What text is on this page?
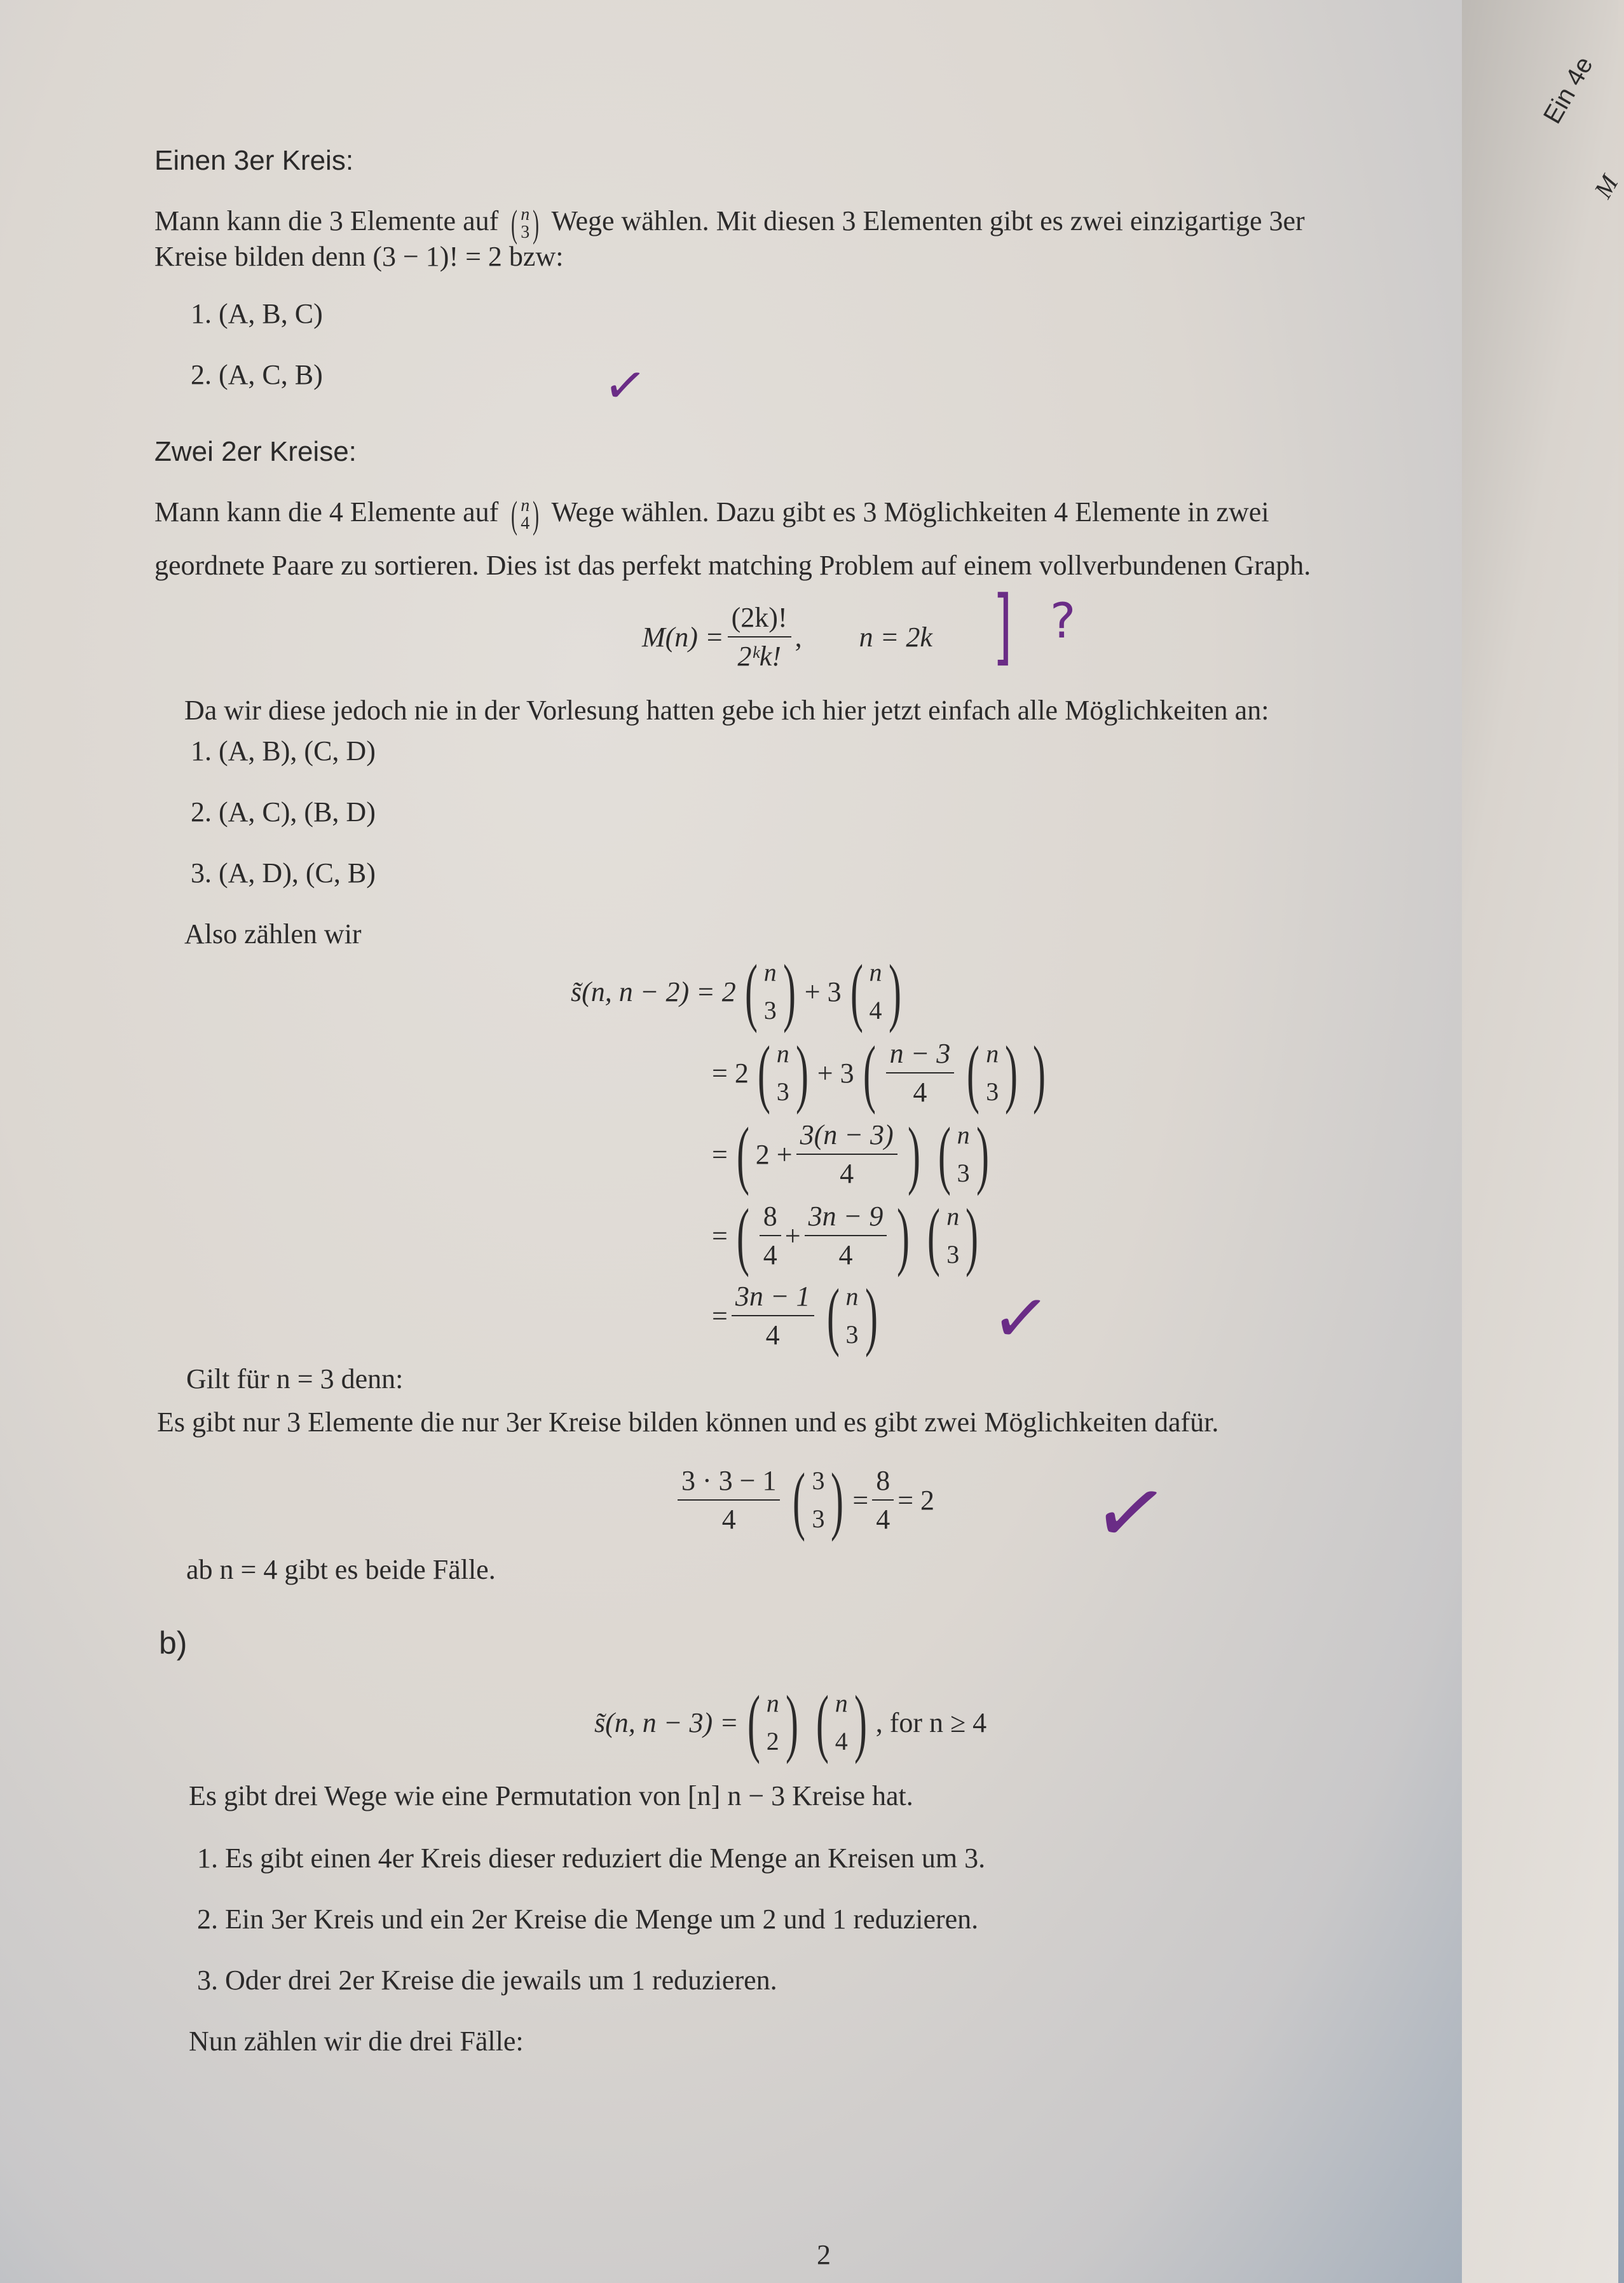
Einen 3er Kreis:
Mann kann die 3 Elemente auf ( n
3 ) Wege wählen. Mit diesen 3 Elementen gibt es zwei einzigartige 3er
Kreise bilden denn (3 − 1)! = 2 bzw:
1. (A, B, C)
2. (A, C, B)	✓
Zwei 2er Kreise:
Mann kann die 4 Elemente auf ( n
4 ) Wege wählen. Dazu gibt es 3 Möglichkeiten 4 Elemente in zwei
geordnete Paare zu sortieren. Dies ist das perfekt matching Problem auf einem vollverbundenen Graph.
$M(n) = \frac{(2k)!}{\text{2ᵏk!}}$ , n = 2k ] ?
Da wir diese jedoch nie in der Vorlesung hatten gebe ich hier jetzt einfach alle Möglichkeiten an:
1. (A, B), (C, D)
2. (A, C), (B, D)
3. (A, D), (C, B)
Also zählen wir
s̃(n, n − 2) = 2 ( n
3 ) + 3 ( n
4 )
= 2 ( n
3 ) + 3 ( $\frac{n - 3}{4}$ ( n
3 ) )
= ( $2 + \frac{3(n - 3)}{4}$ ) ( n
3 )
= ( $\frac{8}{4} + \frac{3n - 9}{4}$ ) ( n
3 )
= $\frac{3n - 1}{4}$ ( n
3 ) ✓
Gilt für n = 3 denn:
Es gibt nur 3 Elemente die nur 3er Kreise bilden können und es gibt zwei Möglichkeiten dafür.
$\frac{3 \cdot 3 - 1}{4}$ ( 3
3 ) = $\frac{8}{4} = 2$ ✓
ab n = 4 gibt es beide Fälle.
b)
s̃(n, n − 3) = ( n
2 ) ( n
4 ) , for n ≥ 4
Es gibt drei Wege wie eine Permutation von [n] n − 3 Kreise hat.
1. Es gibt einen 4er Kreis dieser reduziert die Menge an Kreisen um 3.
2. Ein 3er Kreis und ein 2er Kreise die Menge um 2 und 1 reduzieren.
3. Oder drei 2er Kreise die jewails um 1 reduzieren.
Nun zählen wir die drei Fälle:
2
Ein 4e
M
